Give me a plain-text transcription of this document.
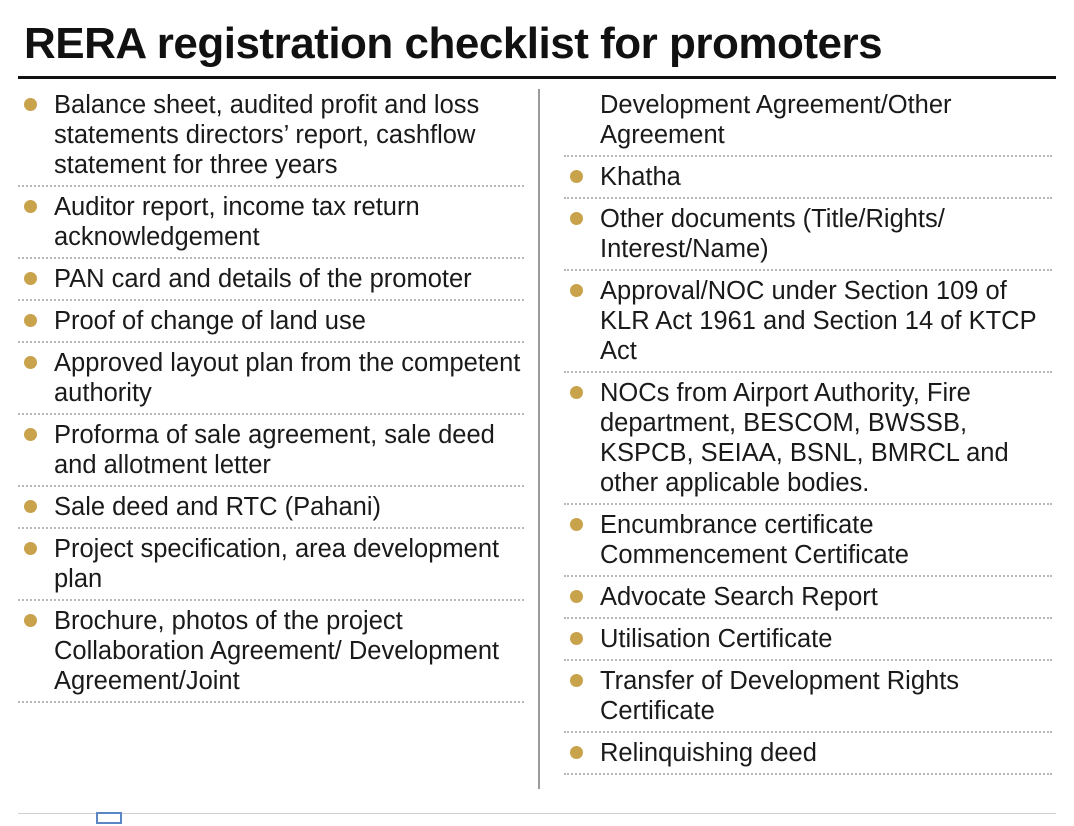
RERA registration checklist for promoters
Balance sheet, audited profit and loss statements directors’ report, cashflow statement for three years
Auditor report, income tax return acknowledgement
PAN card and details of the promoter
Proof of change of land use
Approved layout plan from the competent authority
Proforma of sale agreement, sale deed and allotment letter
Sale deed and RTC (Pahani)
Project specification, area development plan
Brochure, photos of the project Collaboration Agreement/ Development Agreement/Joint
Development Agreement/Other Agreement
Khatha
Other documents (Title/Rights/ Interest/Name)
Approval/NOC under Section 109 of KLR Act 1961 and Section 14 of KTCP Act
NOCs from Airport Authority, Fire department, BESCOM, BWSSB, KSPCB, SEIAA, BSNL, BMRCL and other applicable bodies.
Encumbrance certificate Commencement Certificate
Advocate Search Report
Utilisation Certificate
Transfer of Development Rights Certificate
Relinquishing deed
